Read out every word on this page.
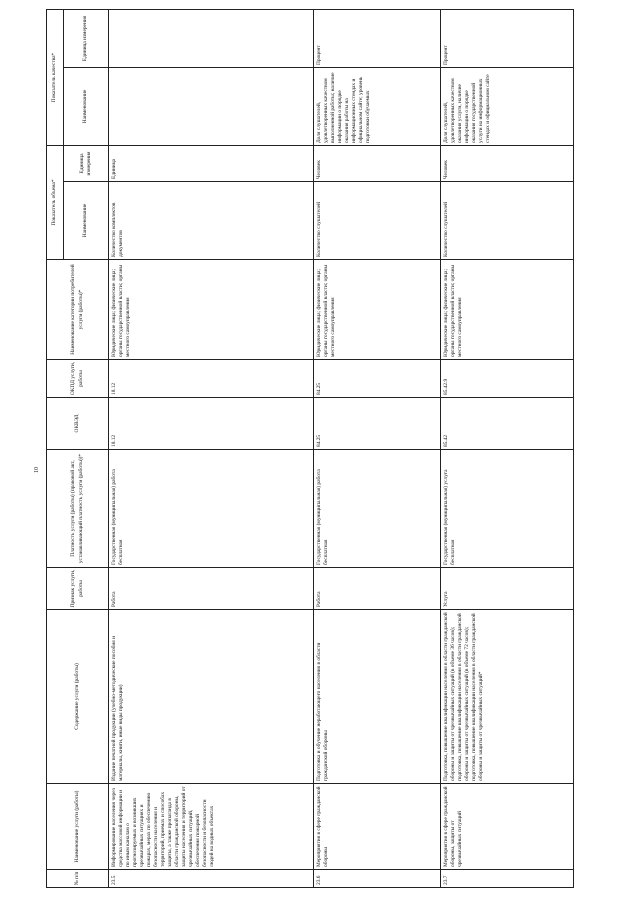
10
№ п/п	Наименование услуги (работы)	Содержание услуги (работы)	Признак услуги, работы	Платность услуги (работы) (правовой акт, устанавливающий платность услуги (работы))*	ОКВЭД	ОКПД услуги, работы	Наименование категории потребителей услуги (работы)*	Показатель объема*		Показатель качества*	
								Наименование	Единица измерения	Наименование	Единица измерения
23.5	Информирование населения через средства массовой информации и по иным каналам о прогнозируемых и возникших чрезвычайных ситуациях и пожарах, мерах по обеспечению безопасности населения и территорий, приемах и способах защиты, а также пропаганда в области гражданской обороны, защиты населения и территорий от чрезвычайных ситуаций, обеспечения пожарной безопасности и безопасности людей на водных объектах	Издание печатной продукции (учебно-методические пособия и материалы, книги, иные виды продукции)	Работа	Государственная (муниципальная) работа бесплатная	18.12	18.12	Юридические лица; физические лица; органы государственной власти; органы местного самоуправления	Количество комплектов документов	Единица		
23.6	Мероприятия в сфере гражданской обороны	Подготовка и обучение неработающего населения в области гражданской обороны	Работа	Государственная (муниципальная) работа бесплатная	84.25	84.25	Юридические лица; физические лица; органы государственной власти; органы местного самоуправления	Количество слушателей	Человек	Доля слушателей, удовлетворенных качеством выполненной работы; наличие информации о порядке оказания работы на информационных стендах и официальном сайте; уровень подготовки обучаемых	Процент
23.7	Мероприятия в сфере гражданской обороны, защиты от чрезвычайных ситуаций	Подготовка, повышение квалификации населения в области гражданской обороны и защиты от чрезвычайных ситуаций (в объеме 36 часов); подготовка, повышение квалификации населения в области гражданской обороны и защиты от чрезвычайных ситуаций (в объеме 72 часов); подготовка, повышение квалификации населения в области гражданской обороны и защиты от чрезвычайных ситуаций*	Услуга	Государственная (муниципальная) услуга бесплатная	85.42	85.42.9	Юридические лица; физические лица; органы государственной власти; органы местного самоуправления	Количество слушателей	Человек	Доля слушателей, удовлетворенных качеством оказания услуги, наличие информации о порядке оказания государственной услуги на информационных стендах и официальном сайте	Процент
